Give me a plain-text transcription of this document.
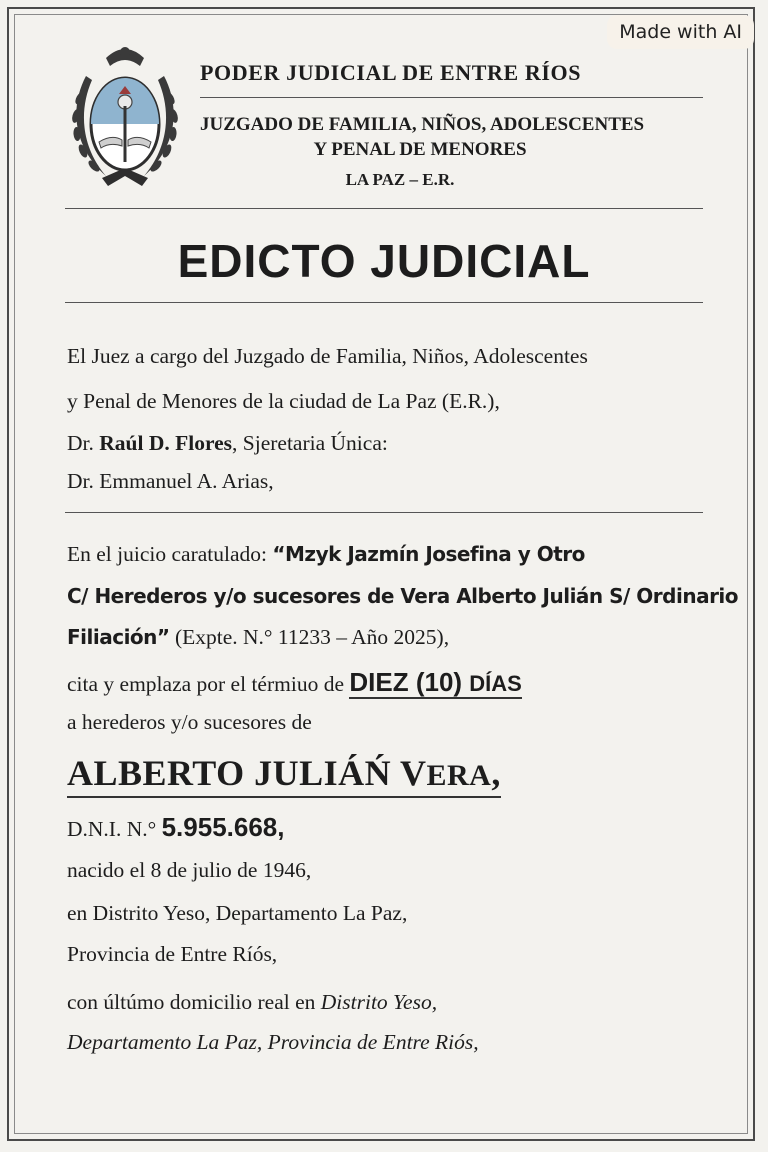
Made with AI
PODER JUDICIAL DE ENTRE RÍOS
JUZGADO DE FAMILIA, NIÑOS, ADOLESCENTES
Y PENAL DE MENORES
LA PAZ – E.R.
EDICTO JUDICIAL
El Juez a cargo del Juzgado de Familia, Niños, Adolescentes
y Penal de Menores de la ciudad de La Paz (E.R.),
Dr. Raúl D. Flores, Sjeretaria Única:
Dr. Emmanuel A. Arias,
En el juicio caratulado: “Mzyk Jazmín Josefina y Otro
C/ Herederos y/o sucesores de Vera Alberto Julián S/ Ordinario
Filiación” (Expte. N.° 11233 – Año 2025),
cita y emplaza por el térmiuo de DIEZ (10) DÍAS
a herederos y/o sucesores de
ALBERTO JULIÁŃ VERA,
D.N.I. N.° 5.955.668,
nacido el 8 de julio de 1946,
en Distrito Yeso, Departamento La Paz,
Provincia de Entre Ríós,
con últúmo domicilio real en Distrito Yeso,
Departamento La Paz, Provincia de Entre Riós,
